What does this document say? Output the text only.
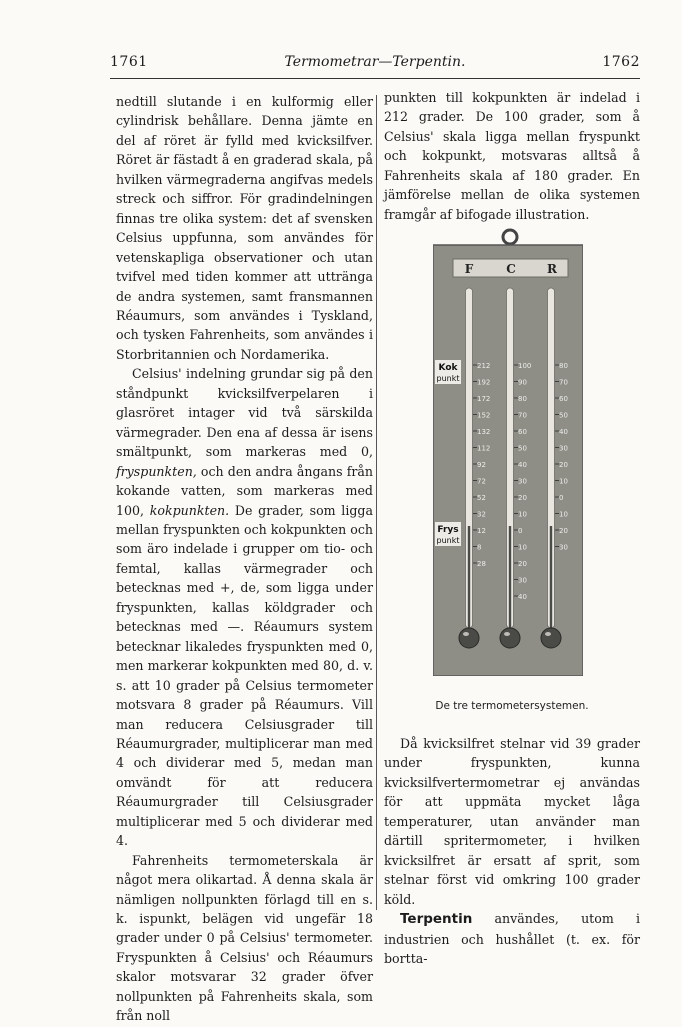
1761	Termometrar—Terpentin.	1762

nedtill slutande i en kulformig eller cylindrisk behållare. Denna jämte en del af röret är fylld med kvicksilfver. Röret är fästadt å en graderad skala, på hvilken värmegraderna angifvas medels streck och siffror. För gradindelningen finnas tre olika system: det af svensken Celsius uppfunna, som användes för vetenskapliga observationer och utan tvifvel med tiden kommer att uttränga de andra systemen, samt fransmannen Réaumurs, som användes i Tyskland, och tysken Fahrenheits, som användes i Storbritannien och Nordamerika.

Celsius' indelning grundar sig på den ståndpunkt kvicksilfverpelaren i glasröret intager vid två särskilda värmegrader. Den ena af dessa är isens smältpunkt, som markeras med 0, fryspunkten, och den andra ångans från kokande vatten, som markeras med 100, kokpunkten. De grader, som ligga mellan fryspunkten och kokpunkten och som äro indelade i grupper om tio- och femtal, kallas värmegrader och betecknas med +, de, som ligga under fryspunkten, kallas köldgrader och betecknas med —. Réaumurs system betecknar likaledes fryspunkten med 0, men markerar kokpunkten med 80, d. v. s. att 10 grader på Celsius termometer motsvara 8 grader på Réaumurs. Vill man reducera Celsiusgrader till Réaumurgrader, multiplicerar man med 4 och dividerar med 5, medan man omvändt för att reducera Réaumurgrader till Celsiusgrader multiplicerar med 5 och dividerar med 4.

Fahrenheits termometerskala är något mera olikartad. Å denna skala är nämligen nollpunkten förlagd till en s. k. ispunkt, belägen vid ungefär 18 grader under 0 på Celsius' termometer. Fryspunkten å Celsius' och Réaumurs skalor motsvarar 32 grader öfver nollpunkten på Fahrenheits skala, som från noll

punkten till kokpunkten är indelad i 212 grader. De 100 grader, som å Celsius' skala ligga mellan fryspunkt och kokpunkt, motsvaras alltså å Fahrenheits skala af 180 grader. En jämförelse mellan de olika systemen framgår af bifogade illustration.

F	C	R
Kok
punkt
Frys
punkt
212
192
172
152
132
112
92
72
52
32
12
8
28
100
90
80
70
60
50
40
30
20
10
0
10
20
30
40
80
70
60
50
40
30
20
10
0
10
20
30
De tre termometersystemen.

Då kvicksilfret stelnar vid 39 grader under fryspunkten, kunna kvicksilfvertermometrar ej användas för att uppmäta mycket låga temperaturer, utan använder man därtill spritermometer, i hvilken kvicksilfret är ersatt af sprit, som stelnar först vid omkring 100 grader köld.

Terpentin användes, utom i industrien och hushållet (t. ex. för bortta-
